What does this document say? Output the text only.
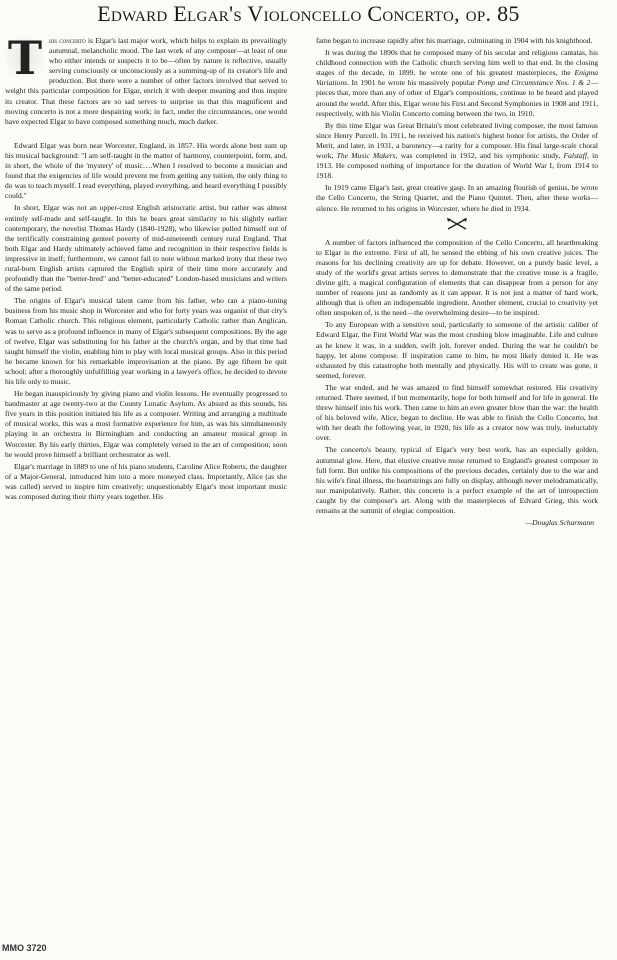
Edward Elgar's Violoncello Concerto, op. 85

T his concerto is Elgar's last major work, which helps to explain its prevailingly autumnal, melancholic mood. The last work of any composer—at least of one who either intends or suspects it to be—often by nature is reflective, usually serving consciously or unconsciously as a summing-up of its creator's life and production. But there were a number of other factors involved that served to weight this particular composition for Elgar, enrich it with deeper meaning and thus inspire its creator. That these factors are so sad serves to surprise us that this magnificent and moving concerto is not a more despairing work; in fact, under the circumstances, one would have expected Elgar to have composed something much, much darker.

Edward Elgar was born near Worcester, England, in 1857. His words alone best sum up his musical background: "I am self-taught in the matter of harmony, counterpoint, form, and, in short, the whole of the 'mystery' of music….When I resolved to become a musician and found that the exigencies of life would prevent me from getting any tuition, the only thing to do was to teach myself. I read everything, played everything, and heard everything I possibly could."

In short, Elgar was not an upper-crust English aristocratic artist, but rather was almost entirely self-made and self-taught. In this he bears great similarity to his slightly earlier contemporary, the novelist Thomas Hardy (1840-1928), who likewise pulled himself out of the terrifically constraining genteel poverty of mid-nineteenth century rural England. That both Elgar and Hardy ultimately achieved fame and recognition in their respective fields is impressive in itself; furthermore, we cannot fail to note without marked irony that these two rural-born English artists captured the English spirit of their time more accurately and profoundly than the "better-bred" and "better-educated" London-based musicians and writers of the same period.

The origins of Elgar's musical talent came from his father, who ran a piano-tuning business from his music shop in Worcester and who for forty years was organist of that city's Roman Catholic church. This religious element, particularly Catholic rather than Anglican, was to serve as a profound influence in many of Elgar's subsequent compositions. By the age of twelve, Elgar was substituting for his father at the church's organ, and by that time had taught himself the violin, enabling him to play with local musical groups. Also in this period he became known for his remarkable improvisation at the piano. By age fifteen he quit school; after a thoroughly unfulfilling year working in a lawyer's office, he decided to devote his life only to music.

He began inauspiciously by giving piano and violin lessons. He eventually progressed to bandmaster at age twenty-two at the County Lunatic Asylum. As absurd as this sounds, his five years in this position initiated his life as a composer. Writing and arranging a multitude of musical works, this was a most formative experience for him, as was his simultaneously playing in an orchestra in Birmingham and conducting an amateur musical group in Worcester. By his early thirties, Elgar was completely versed in the art of composition; soon he would prove himself a brilliant orchestrator as well.

Elgar's marriage in 1889 to one of his piano students, Caroline Alice Roberts, the daughter of a Major-General, introduced him into a more moneyed class. Importantly, Alice (as she was called) served to inspire him creatively; unquestionably Elgar's most important music was composed during their thirty years together. His

fame began to increase rapidly after his marriage, culminating in 1904 with his knighthood.

It was during the 1890s that he composed many of his secular and religious cantatas, his childhood connection with the Catholic church serving him well to that end. In the closing stages of the decade, in 1899, he wrote one of his greatest masterpieces, the Enigma Variations. In 1901 he wrote his massively popular Pomp and Circumstance Nos. 1 & 2—pieces that, more than any of other of Elgar's compositions, continue to be heard and played around the world. After this, Elgar wrote his First and Second Symphonies in 1908 and 1911, respectively, with his Violin Concerto coming between the two, in 1910.

By this time Elgar was Great Britain's most celebrated living composer, the most famous since Henry Purcell. In 1911, he received his nation's highest honor for artists, the Order of Merit, and later, in 1931, a baronetcy—a rarity for a composer. His final large-scale choral work, The Music Makers, was completed in 1912, and his symphonic study, Falstaff, in 1913. He composed nothing of importance for the duration of World War I, from 1914 to 1918.

In 1919 came Elgar's last, great creative gasp. In an amazing flourish of genius, he wrote the Cello Concerto, the String Quartet, and the Piano Quintet. Then, after these works—silence. He returned to his origins in Worcester, where he died in 1934.

A number of factors influenced the composition of the Cello Concerto, all heartbreaking to Elgar in the extreme. First of all, he sensed the ebbing of his own creative juices. The reasons for his declining creativity are up for debate. However, on a purely basic level, a study of the world's great artists serves to demonstrate that the creative muse is a fragile, divine gift, a magical configuration of elements that can disappear from a person for any number of reasons just as randomly as it can appear. It is not just a matter of hard work, although that is often an indispensable ingredient. Another element, crucial to creativity yet often unspoken of, is the need—the overwhelming desire—to be inspired.

To any European with a sensitive soul, particularly to someone of the artistic caliber of Edward Elgar, the First World War was the most crushing blow imaginable. Life and culture as he knew it was, in a sudden, swift jolt, forever ended. During the war he couldn't be happy, let alone compose. If inspiration came to him, he most likely denied it. He was exhausted by this catastrophe both mentally and physically. His will to create was gone, it seemed, forever.

The war ended, and he was amazed to find himself somewhat restored. His creativity returned. There seemed, if but momentarily, hope for both himself and for life in general. He threw himself into his work. Then came to him an even greater blow than the war: the health of his beloved wife, Alice, began to decline. He was able to finish the Cello Concerto, but with her death the following year, in 1920, his life as a creator now was truly, ineluctably over.

The concerto's beauty, typical of Elgar's very best work, has an especially golden, autumnal glow. Here, that elusive creative muse returned to England's greatest composer in full form. But unlike his compositions of the previous decades, certainly due to the war and his wife's final illness, the heartstrings are fully on display, although never melodramatically, nor manipulatively. Rather, this concerto is a perfect example of the art of introspection caught by the composer's art. Along with the masterpieces of Edvard Grieg, this work remains at the summit of elegiac composition.

—Douglas Scharmann
MMO 3720
